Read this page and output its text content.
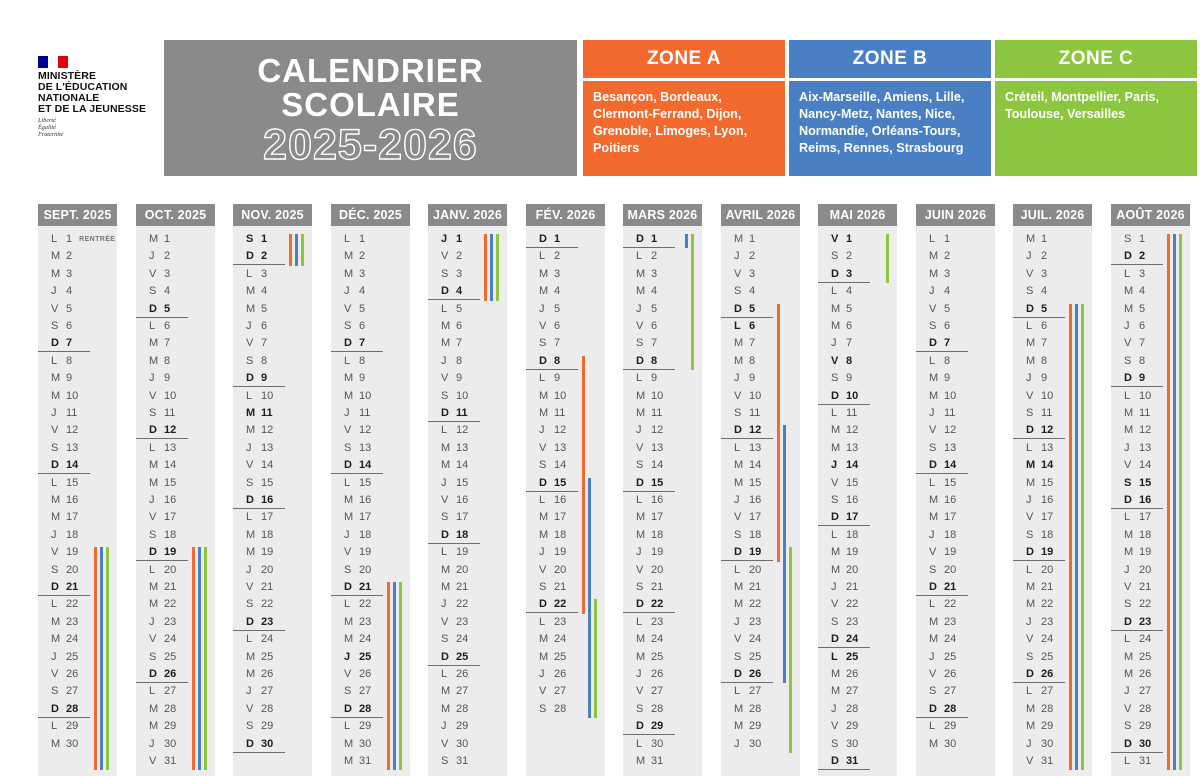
MINISTÈRE
DE L'ÉDUCATION
NATIONALE
ET DE LA JEUNESSE
Liberté
Égalité
Fraternité
CALENDRIER
SCOLAIRE
2025-2026
ZONE A
Besançon, Bordeaux,
Clermont-Ferrand, Dijon,
Grenoble, Limoges, Lyon,
Poitiers
ZONE B
Aix-Marseille, Amiens, Lille,
Nancy-Metz, Nantes, Nice,
Normandie, Orléans-Tours,
Reims, Rennes, Strasbourg
ZONE C
Créteil, Montpellier, Paris,
Toulouse, Versailles
SEPT. 2025
L 1 RENTRÉE
M 2
M 3
J 4
V 5
S 6
D 7
L 8
M 9
M 10
J 11
V 12
S 13
D 14
L 15
M 16
M 17
J 18
V 19
S 20
D 21
L 22
M 23
M 24
J 25
V 26
S 27
D 28
L 29
M 30
OCT. 2025
M 1
J 2
V 3
S 4
D 5
L 6
M 7
M 8
J 9
V 10
S 11
D 12
L 13
M 14
M 15
J 16
V 17
S 18
D 19
L 20
M 21
M 22
J 23
V 24
S 25
D 26
L 27
M 28
M 29
J 30
V 31
NOV. 2025
S 1
D 2
L 3
M 4
M 5
J 6
V 7
S 8
D 9
L 10
M 11
M 12
J 13
V 14
S 15
D 16
L 17
M 18
M 19
J 20
V 21
S 22
D 23
L 24
M 25
M 26
J 27
V 28
S 29
D 30
DÉC. 2025
L 1
M 2
M 3
J 4
V 5
S 6
D 7
L 8
M 9
M 10
J 11
V 12
S 13
D 14
L 15
M 16
M 17
J 18
V 19
S 20
D 21
L 22
M 23
M 24
J 25
V 26
S 27
D 28
L 29
M 30
M 31
JANV. 2026
J 1
V 2
S 3
D 4
L 5
M 6
M 7
J 8
V 9
S 10
D 11
L 12
M 13
M 14
J 15
V 16
S 17
D 18
L 19
M 20
M 21
J 22
V 23
S 24
D 25
L 26
M 27
M 28
J 29
V 30
S 31
FÉV. 2026
D 1
L 2
M 3
M 4
J 5
V 6
S 7
D 8
L 9
M 10
M 11
J 12
V 13
S 14
D 15
L 16
M 17
M 18
J 19
V 20
S 21
D 22
L 23
M 24
M 25
J 26
V 27
S 28
MARS 2026
D 1
L 2
M 3
M 4
J 5
V 6
S 7
D 8
L 9
M 10
M 11
J 12
V 13
S 14
D 15
L 16
M 17
M 18
J 19
V 20
S 21
D 22
L 23
M 24
M 25
J 26
V 27
S 28
D 29
L 30
M 31
AVRIL 2026
M 1
J 2
V 3
S 4
D 5
L 6
M 7
M 8
J 9
V 10
S 11
D 12
L 13
M 14
M 15
J 16
V 17
S 18
D 19
L 20
M 21
M 22
J 23
V 24
S 25
D 26
L 27
M 28
M 29
J 30
MAI 2026
V 1
S 2
D 3
L 4
M 5
M 6
J 7
V 8
S 9
D 10
L 11
M 12
M 13
J 14
V 15
S 16
D 17
L 18
M 19
M 20
J 21
V 22
S 23
D 24
L 25
M 26
M 27
J 28
V 29
S 30
D 31
JUIN 2026
L 1
M 2
M 3
J 4
V 5
S 6
D 7
L 8
M 9
M 10
J 11
V 12
S 13
D 14
L 15
M 16
M 17
J 18
V 19
S 20
D 21
L 22
M 23
M 24
J 25
V 26
S 27
D 28
L 29
M 30
JUIL. 2026
M 1
J 2
V 3
S 4
D 5
L 6
M 7
M 8
J 9
V 10
S 11
D 12
L 13
M 14
M 15
J 16
V 17
S 18
D 19
L 20
M 21
M 22
J 23
V 24
S 25
D 26
L 27
M 28
M 29
J 30
V 31
AOÛT 2026
S 1
D 2
L 3
M 4
M 5
J 6
V 7
S 8
D 9
L 10
M 11
M 12
J 13
V 14
S 15
D 16
L 17
M 18
M 19
J 20
V 21
S 22
D 23
L 24
M 25
M 26
J 27
V 28
S 29
D 30
L 31
